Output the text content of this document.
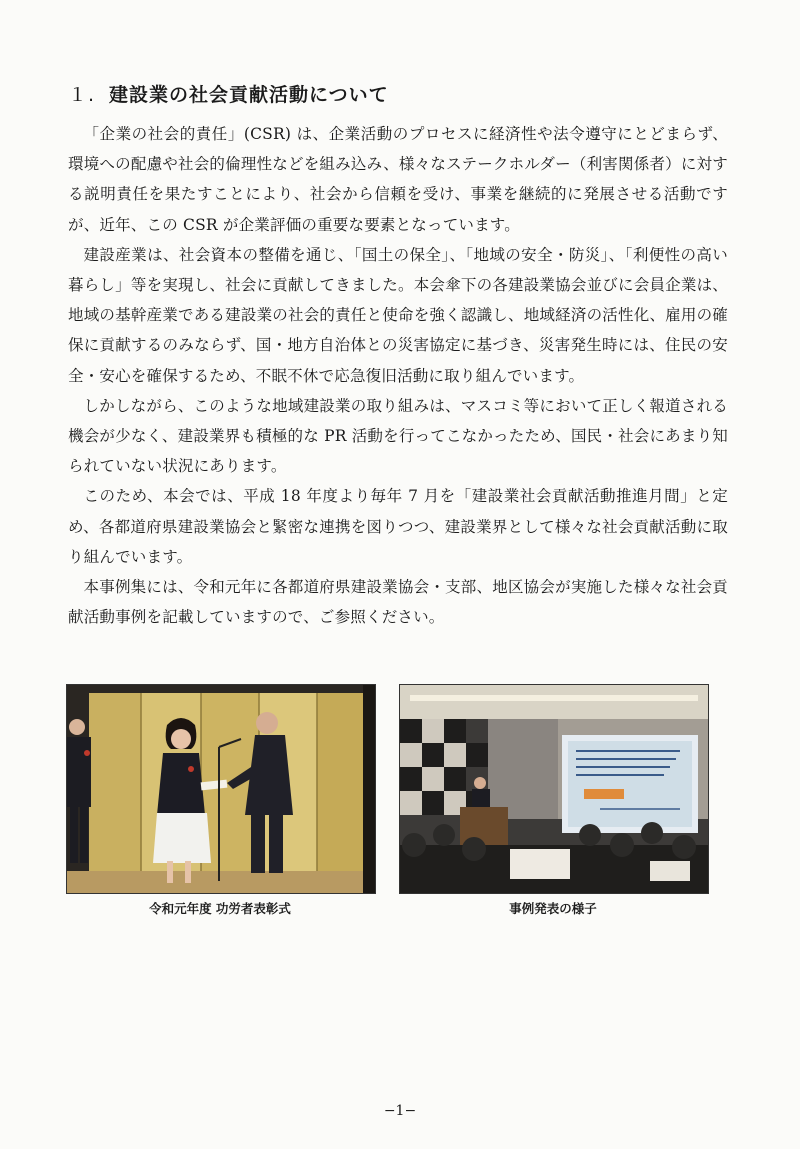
１. 建設業の社会貢献活動について

「企業の社会的責任」(CSR) は、企業活動のプロセスに経済性や法令遵守にとどまらず、環境への配慮や社会的倫理性などを組み込み、様々なステークホルダー（利害関係者）に対する説明責任を果たすことにより、社会から信頼を受け、事業を継続的に発展させる活動ですが、近年、この CSR が企業評価の重要な要素となっています。

建設産業は、社会資本の整備を通じ、「国土の保全」、「地域の安全・防災」、「利便性の高い暮らし」等を実現し、社会に貢献してきました。本会傘下の各建設業協会並びに会員企業は、地域の基幹産業である建設業の社会的責任と使命を強く認識し、地域経済の活性化、雇用の確保に貢献するのみならず、国・地方自治体との災害協定に基づき、災害発生時には、住民の安全・安心を確保するため、不眠不休で応急復旧活動に取り組んでいます。

しかしながら、このような地域建設業の取り組みは、マスコミ等において正しく報道される機会が少なく、建設業界も積極的な PR 活動を行ってこなかったため、国民・社会にあまり知られていない状況にあります。

このため、本会では、平成 18 年度より毎年 7 月を「建設業社会貢献活動推進月間」と定め、各都道府県建設業協会と緊密な連携を図りつつ、建設業界として様々な社会貢献活動に取り組んでいます。

本事例集には、令和元年に各都道府県建設業協会・支部、地区協会が実施した様々な社会貢献活動事例を記載していますので、ご参照ください。

令和元年度 功労者表彰式	事例発表の様子
−1−
